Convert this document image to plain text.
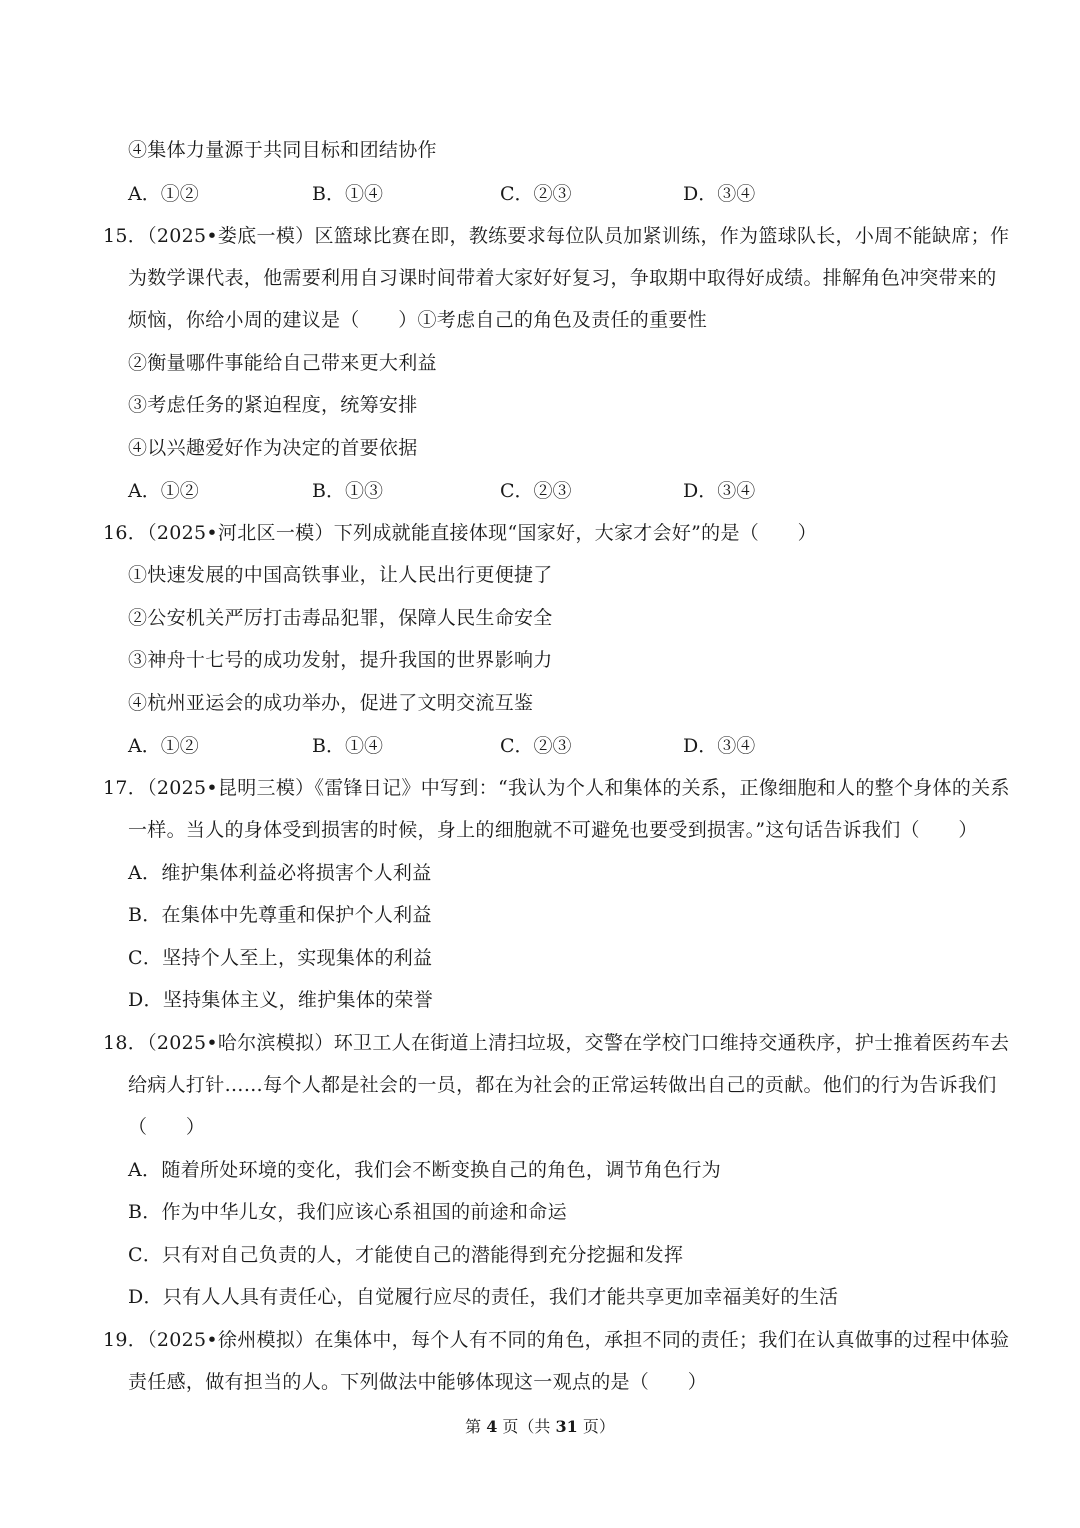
④集体力量源于共同目标和团结协作
A．①②	B．①④	C．②③	D．③④
15．（2025•娄底一模）区篮球比赛在即，教练要求每位队员加紧训练，作为篮球队长，小周不能缺席；作
为数学课代表，他需要利用自习课时间带着大家好好复习，争取期中取得好成绩。排解角色冲突带来的
烦恼，你给小周的建议是（　　）①考虑自己的角色及责任的重要性
②衡量哪件事能给自己带来更大利益
③考虑任务的紧迫程度，统筹安排
④以兴趣爱好作为决定的首要依据
A．①②	B．①③	C．②③	D．③④
16．（2025•河北区一模）下列成就能直接体现“国家好，大家才会好”的是（　　）
①快速发展的中国高铁事业，让人民出行更便捷了
②公安机关严厉打击毒品犯罪，保障人民生命安全
③神舟十七号的成功发射，提升我国的世界影响力
④杭州亚运会的成功举办，促进了文明交流互鉴
A．①②	B．①④	C．②③	D．③④
17．（2025•昆明三模）《雷锋日记》中写到：“我认为个人和集体的关系，正像细胞和人的整个身体的关系
一样。当人的身体受到损害的时候，身上的细胞就不可避免也要受到损害。”这句话告诉我们（　　）
A．维护集体利益必将损害个人利益
B．在集体中先尊重和保护个人利益
C．坚持个人至上，实现集体的利益
D．坚持集体主义，维护集体的荣誉
18．（2025•哈尔滨模拟）环卫工人在街道上清扫垃圾，交警在学校门口维持交通秩序，护士推着医药车去
给病人打针……每个人都是社会的一员，都在为社会的正常运转做出自己的贡献。他们的行为告诉我们
（　　）
A．随着所处环境的变化，我们会不断变换自己的角色，调节角色行为
B．作为中华儿女，我们应该心系祖国的前途和命运
C．只有对自己负责的人，才能使自己的潜能得到充分挖掘和发挥
D．只有人人具有责任心，自觉履行应尽的责任，我们才能共享更加幸福美好的生活
19．（2025•徐州模拟）在集体中，每个人有不同的角色，承担不同的责任；我们在认真做事的过程中体验
责任感，做有担当的人。下列做法中能够体现这一观点的是（　　）
第 4 页（共 31 页）
